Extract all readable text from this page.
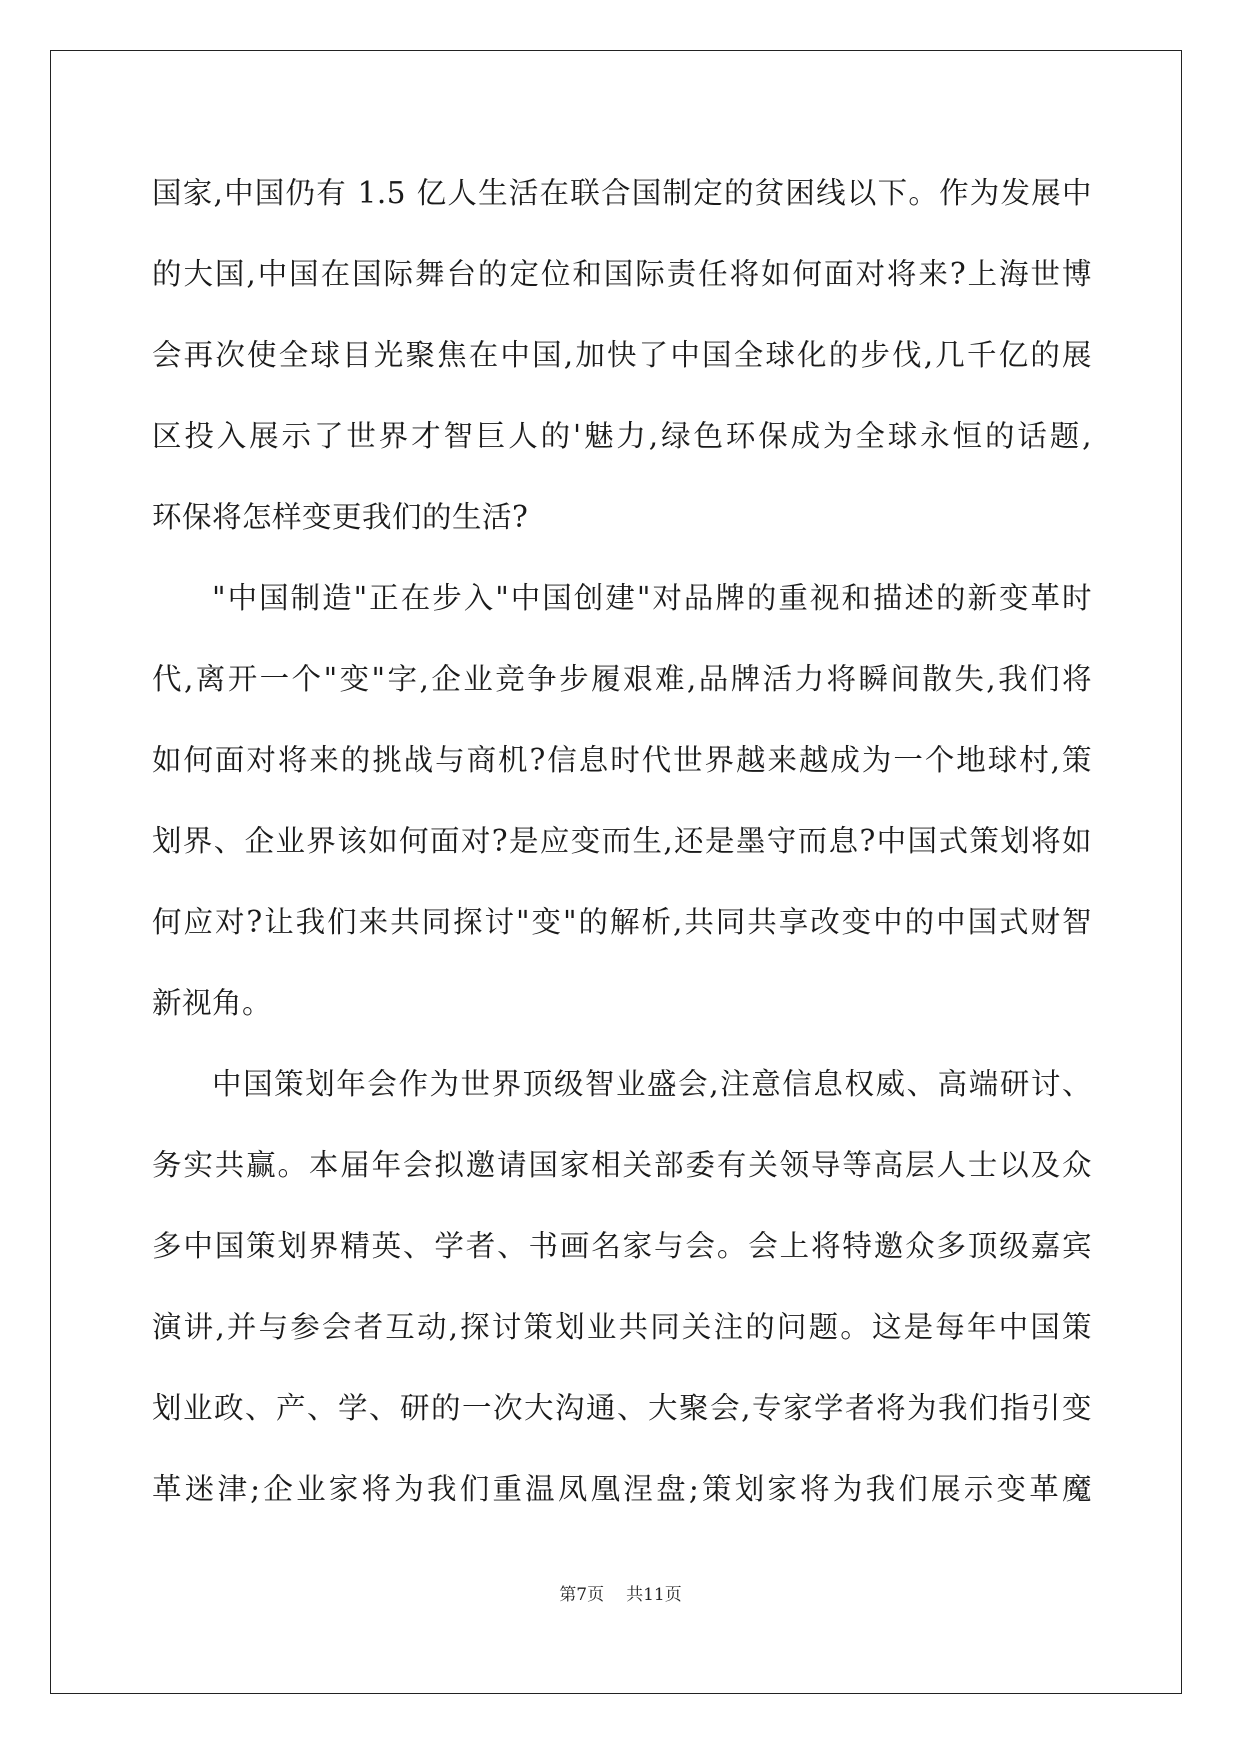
国家,中国仍有 1.5 亿人生活在联合国制定的贫困线以下。作为发展中
的大国,中国在国际舞台的定位和国际责任将如何面对将来?上海世博
会再次使全球目光聚焦在中国,加快了中国全球化的步伐,几千亿的展
区投入展示了世界才智巨人的'魅力,绿色环保成为全球永恒的话题,
环保将怎样变更我们的生活?
"中国制造"正在步入"中国创建"对品牌的重视和描述的新变革时
代,离开一个"变"字,企业竞争步履艰难,品牌活力将瞬间散失,我们将
如何面对将来的挑战与商机?信息时代世界越来越成为一个地球村,策
划界、企业界该如何面对?是应变而生,还是墨守而息?中国式策划将如
何应对?让我们来共同探讨"变"的解析,共同共享改变中的中国式财智
新视角。
中国策划年会作为世界顶级智业盛会,注意信息权威、高端研讨、
务实共赢。本届年会拟邀请国家相关部委有关领导等高层人士以及众
多中国策划界精英、学者、书画名家与会。会上将特邀众多顶级嘉宾
演讲,并与参会者互动,探讨策划业共同关注的问题。这是每年中国策
划业政、产、学、研的一次大沟通、大聚会,专家学者将为我们指引变
革迷津;企业家将为我们重温凤凰涅盘;策划家将为我们展示变革魔
第7页 共11页
